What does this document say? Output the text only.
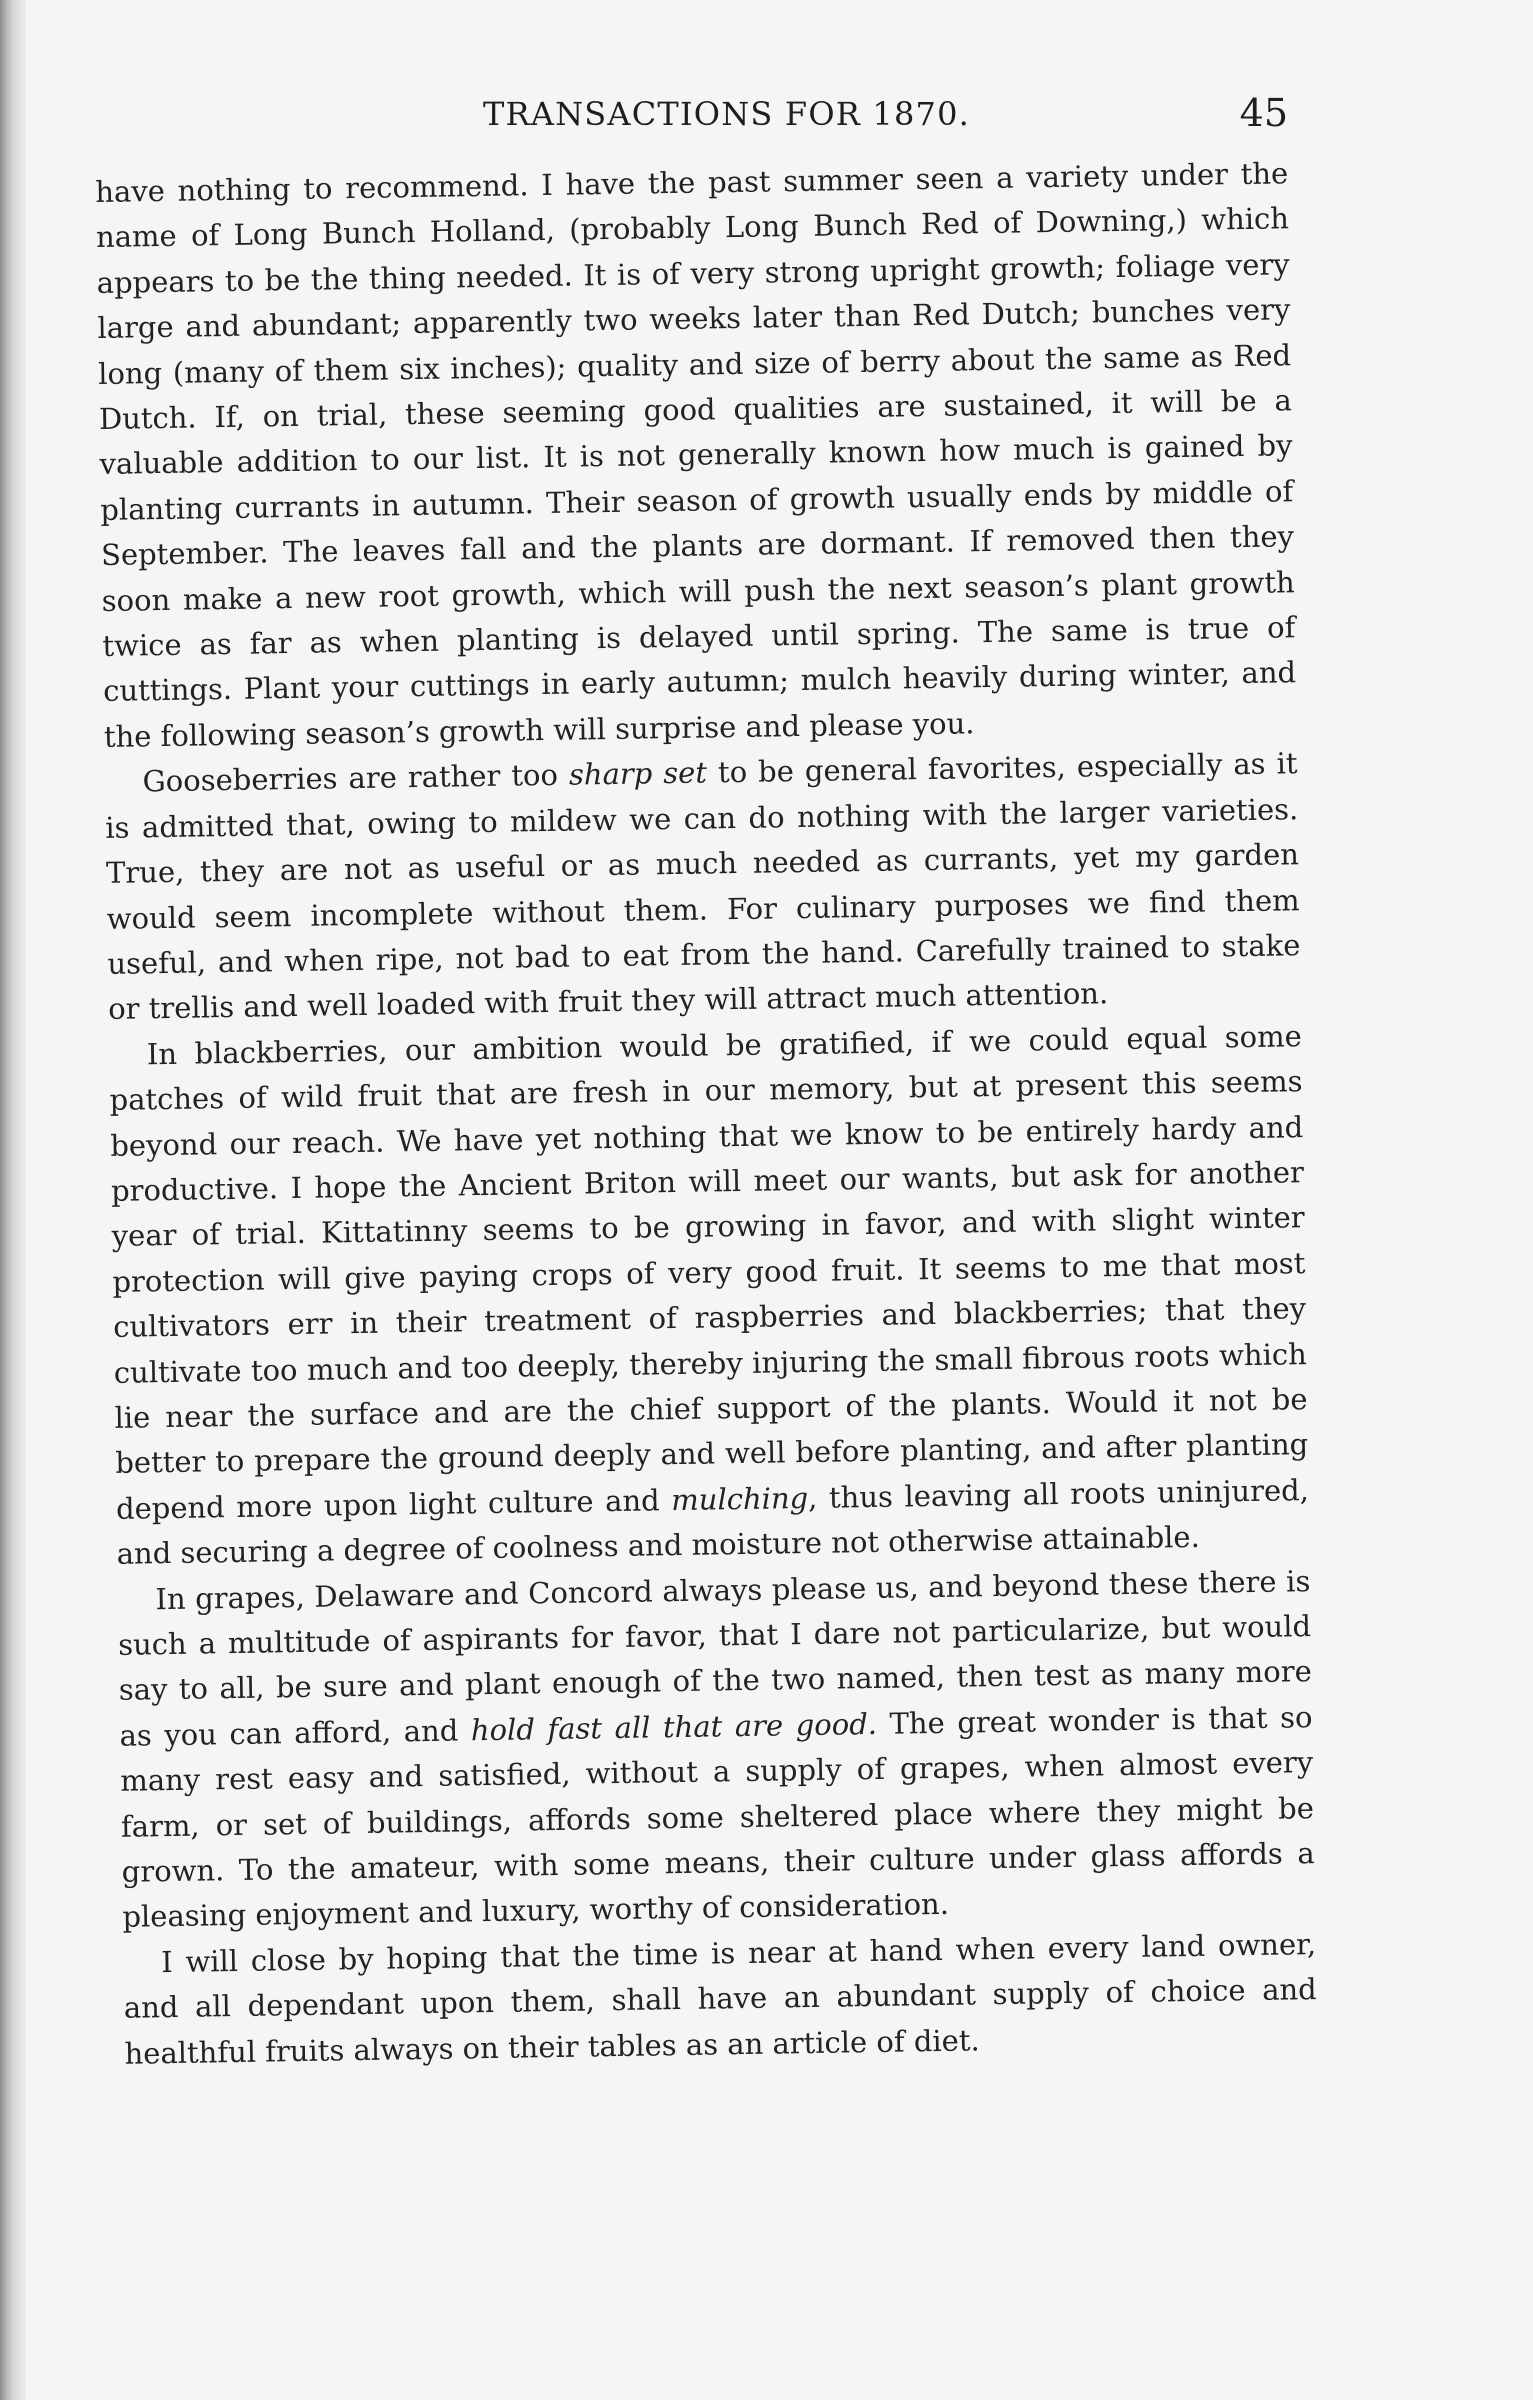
TRANSACTIONS FOR 1870.	45

have nothing to recommend. I have the past summer seen a variety under the name of Long Bunch Holland, (probably Long Bunch Red of Downing,) which appears to be the thing needed. It is of very strong upright growth; foliage very large and abundant; apparently two weeks later than Red Dutch; bunches very long (many of them six inches); quality and size of berry about the same as Red Dutch. If, on trial, these seeming good qualities are sustained, it will be a valuable addition to our list. It is not generally known how much is gained by planting currants in autumn. Their season of growth usually ends by middle of September. The leaves fall and the plants are dormant. If removed then they soon make a new root growth, which will push the next season’s plant growth twice as far as when planting is delayed until spring. The same is true of cuttings. Plant your cuttings in early autumn; mulch heavily during winter, and the following season’s growth will surprise and please you.

Gooseberries are rather too sharp set to be general favorites, especially as it is admitted that, owing to mildew we can do nothing with the larger varieties. True, they are not as useful or as much needed as currants, yet my garden would seem incomplete without them. For culinary purposes we find them useful, and when ripe, not bad to eat from the hand. Carefully trained to stake or trellis and well loaded with fruit they will attract much attention.

In blackberries, our ambition would be gratified, if we could equal some patches of wild fruit that are fresh in our memory, but at present this seems beyond our reach. We have yet nothing that we know to be entirely hardy and productive. I hope the Ancient Briton will meet our wants, but ask for another year of trial. Kittatinny seems to be growing in favor, and with slight winter protection will give paying crops of very good fruit. It seems to me that most cultivators err in their treatment of raspberries and blackberries; that they cultivate too much and too deeply, thereby injuring the small fibrous roots which lie near the surface and are the chief support of the plants. Would it not be better to prepare the ground deeply and well before planting, and after planting depend more upon light culture and mulching, thus leaving all roots uninjured, and securing a degree of coolness and moisture not otherwise attainable.

In grapes, Delaware and Concord always please us, and beyond these there is such a multitude of aspirants for favor, that I dare not particularize, but would say to all, be sure and plant enough of the two named, then test as many more as you can afford, and hold fast all that are good. The great wonder is that so many rest easy and satisfied, without a supply of grapes, when almost every farm, or set of buildings, affords some sheltered place where they might be grown. To the amateur, with some means, their culture under glass affords a pleasing enjoyment and luxury, worthy of consideration.

I will close by hoping that the time is near at hand when every land owner, and all dependant upon them, shall have an abundant supply of choice and healthful fruits always on their tables as an article of diet.
